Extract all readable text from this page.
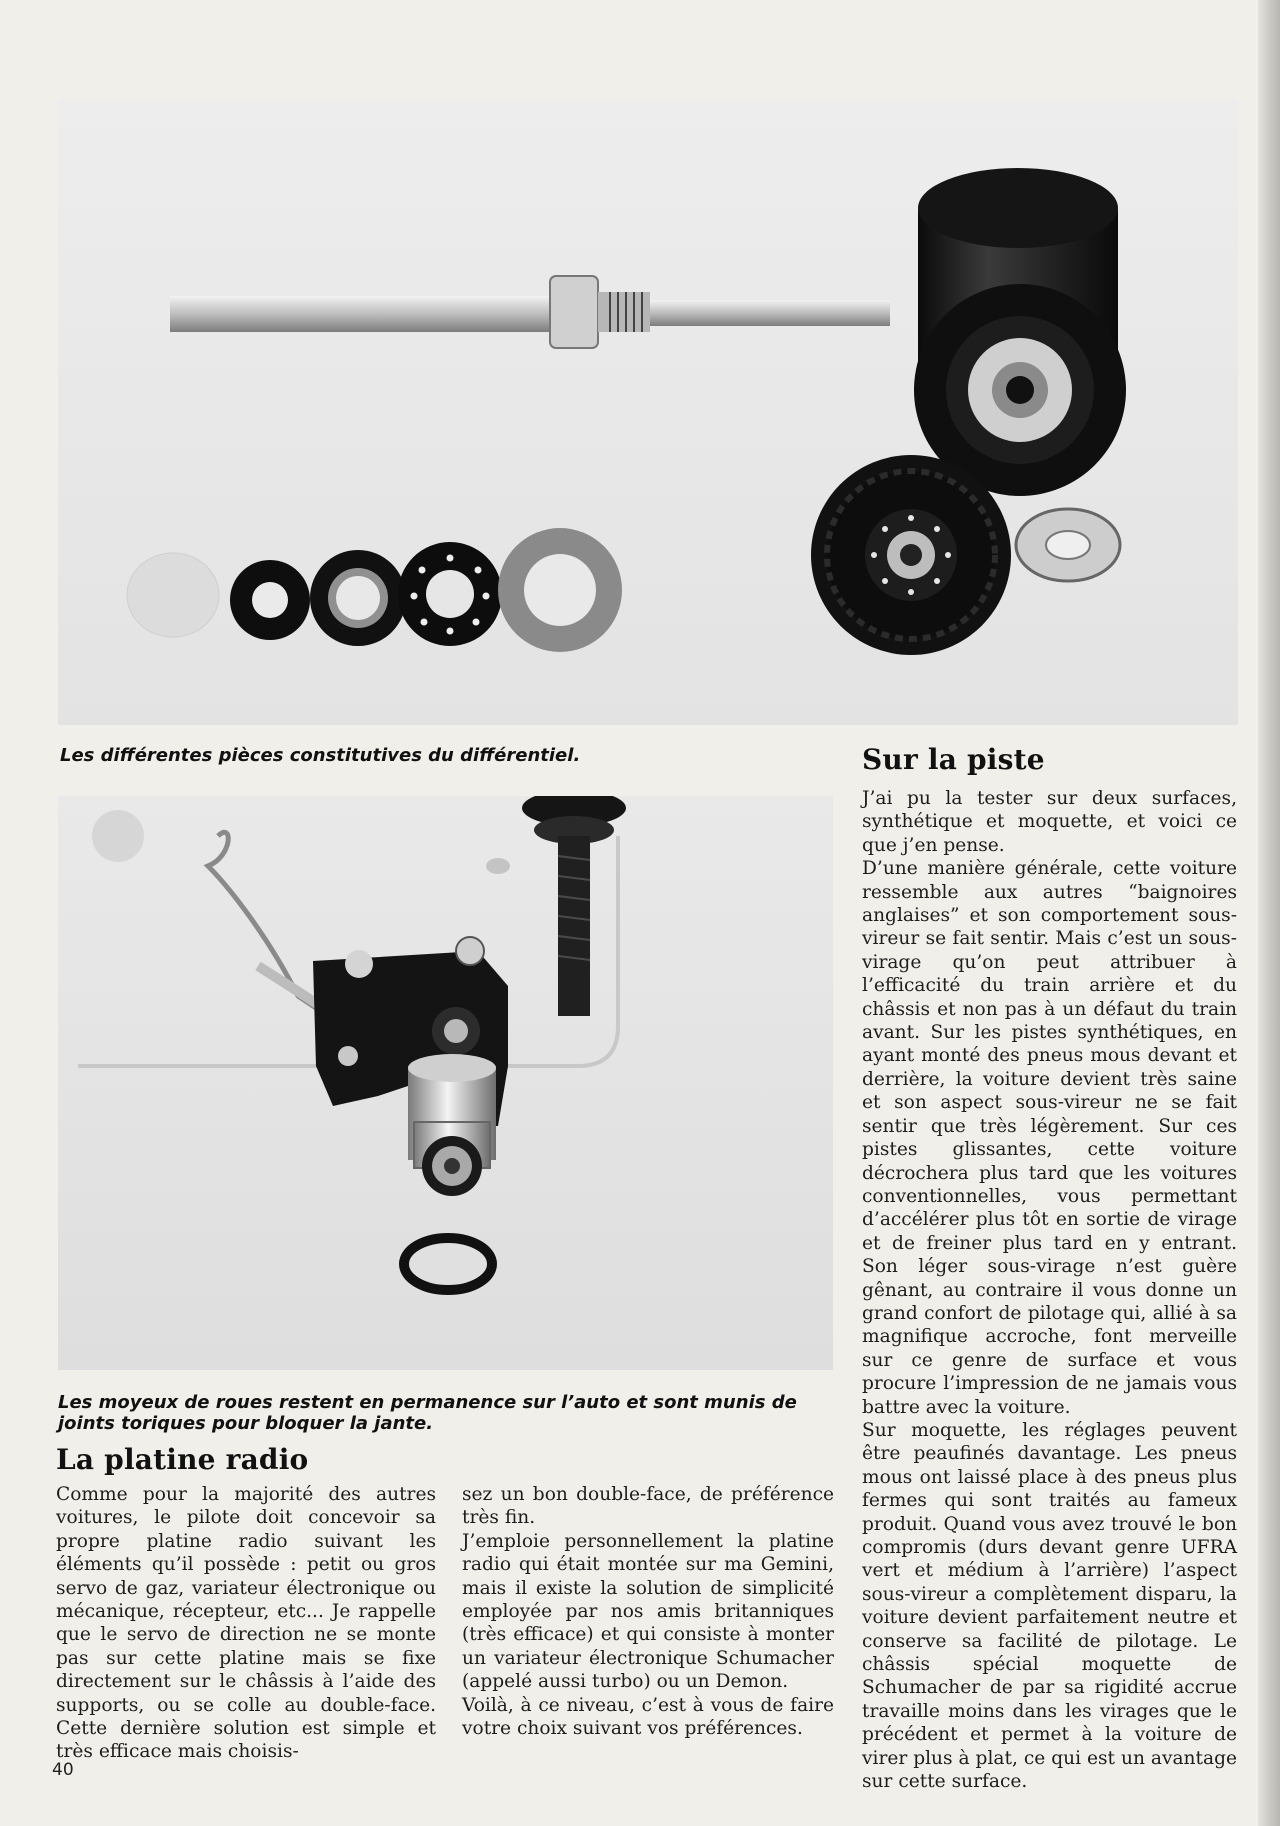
Les différentes pièces constitutives du différentiel.	Sur la piste

J’ai pu la tester sur deux surfaces, synthétique et moquette, et voici ce que j’en pense.

D’une manière générale, cette voiture ressemble aux autres “baignoires anglaises” et son comportement sous-vireur se fait sentir. Mais c’est un sous-virage qu’on peut attribuer à l’efficacité du train arrière et du châssis et non pas à un défaut du train avant. Sur les pistes synthétiques, en ayant monté des pneus mous devant et derrière, la voiture devient très saine et son aspect sous-vireur ne se fait sentir que très légèrement. Sur ces pistes glissantes, cette voiture décrochera plus tard que les voitures conventionnelles, vous permettant d’accélérer plus tôt en sortie de virage et de freiner plus tard en y entrant. Son léger sous-virage n’est guère gênant, au contraire il vous donne un grand confort de pilotage qui, allié à sa magnifique accroche, font merveille sur ce genre de surface et vous procure l’impression de ne jamais vous battre avec la voiture.

Sur moquette, les réglages peuvent être peaufinés davantage. Les pneus mous ont laissé place à des pneus plus fermes qui sont traités au fameux produit. Quand vous avez trouvé le bon compromis (durs devant genre UFRA vert et médium à l’arrière) l’aspect sous-vireur a complètement disparu, la voiture devient parfaitement neutre et conserve sa facilité de pilotage. Le châssis spécial moquette de Schumacher de par sa rigidité accrue travaille moins dans les virages que le précédent et permet à la voiture de virer plus à plat, ce qui est un avantage sur cette surface.

Les moyeux de roues restent en permanence sur l’auto et sont munis de joints toriques pour bloquer la jante.
La platine radio

Comme pour la majorité des autres voitures, le pilote doit concevoir sa propre platine radio suivant les éléments qu’il possède : petit ou gros servo de gaz, variateur électronique ou mécanique, récepteur, etc... Je rappelle que le servo de direction ne se monte pas sur cette platine mais se fixe directement sur le châssis à l’aide des supports, ou se colle au double-face. Cette dernière solution est simple et très efficace mais choisis-

sez un bon double-face, de préférence très fin.

J’emploie personnellement la platine radio qui était montée sur ma Gemini, mais il existe la solution de simplicité employée par nos amis britanniques (très efficace) et qui consiste à monter un variateur électronique Schumacher (appelé aussi turbo) ou un Demon.

Voilà, à ce niveau, c’est à vous de faire votre choix suivant vos préférences.

40
